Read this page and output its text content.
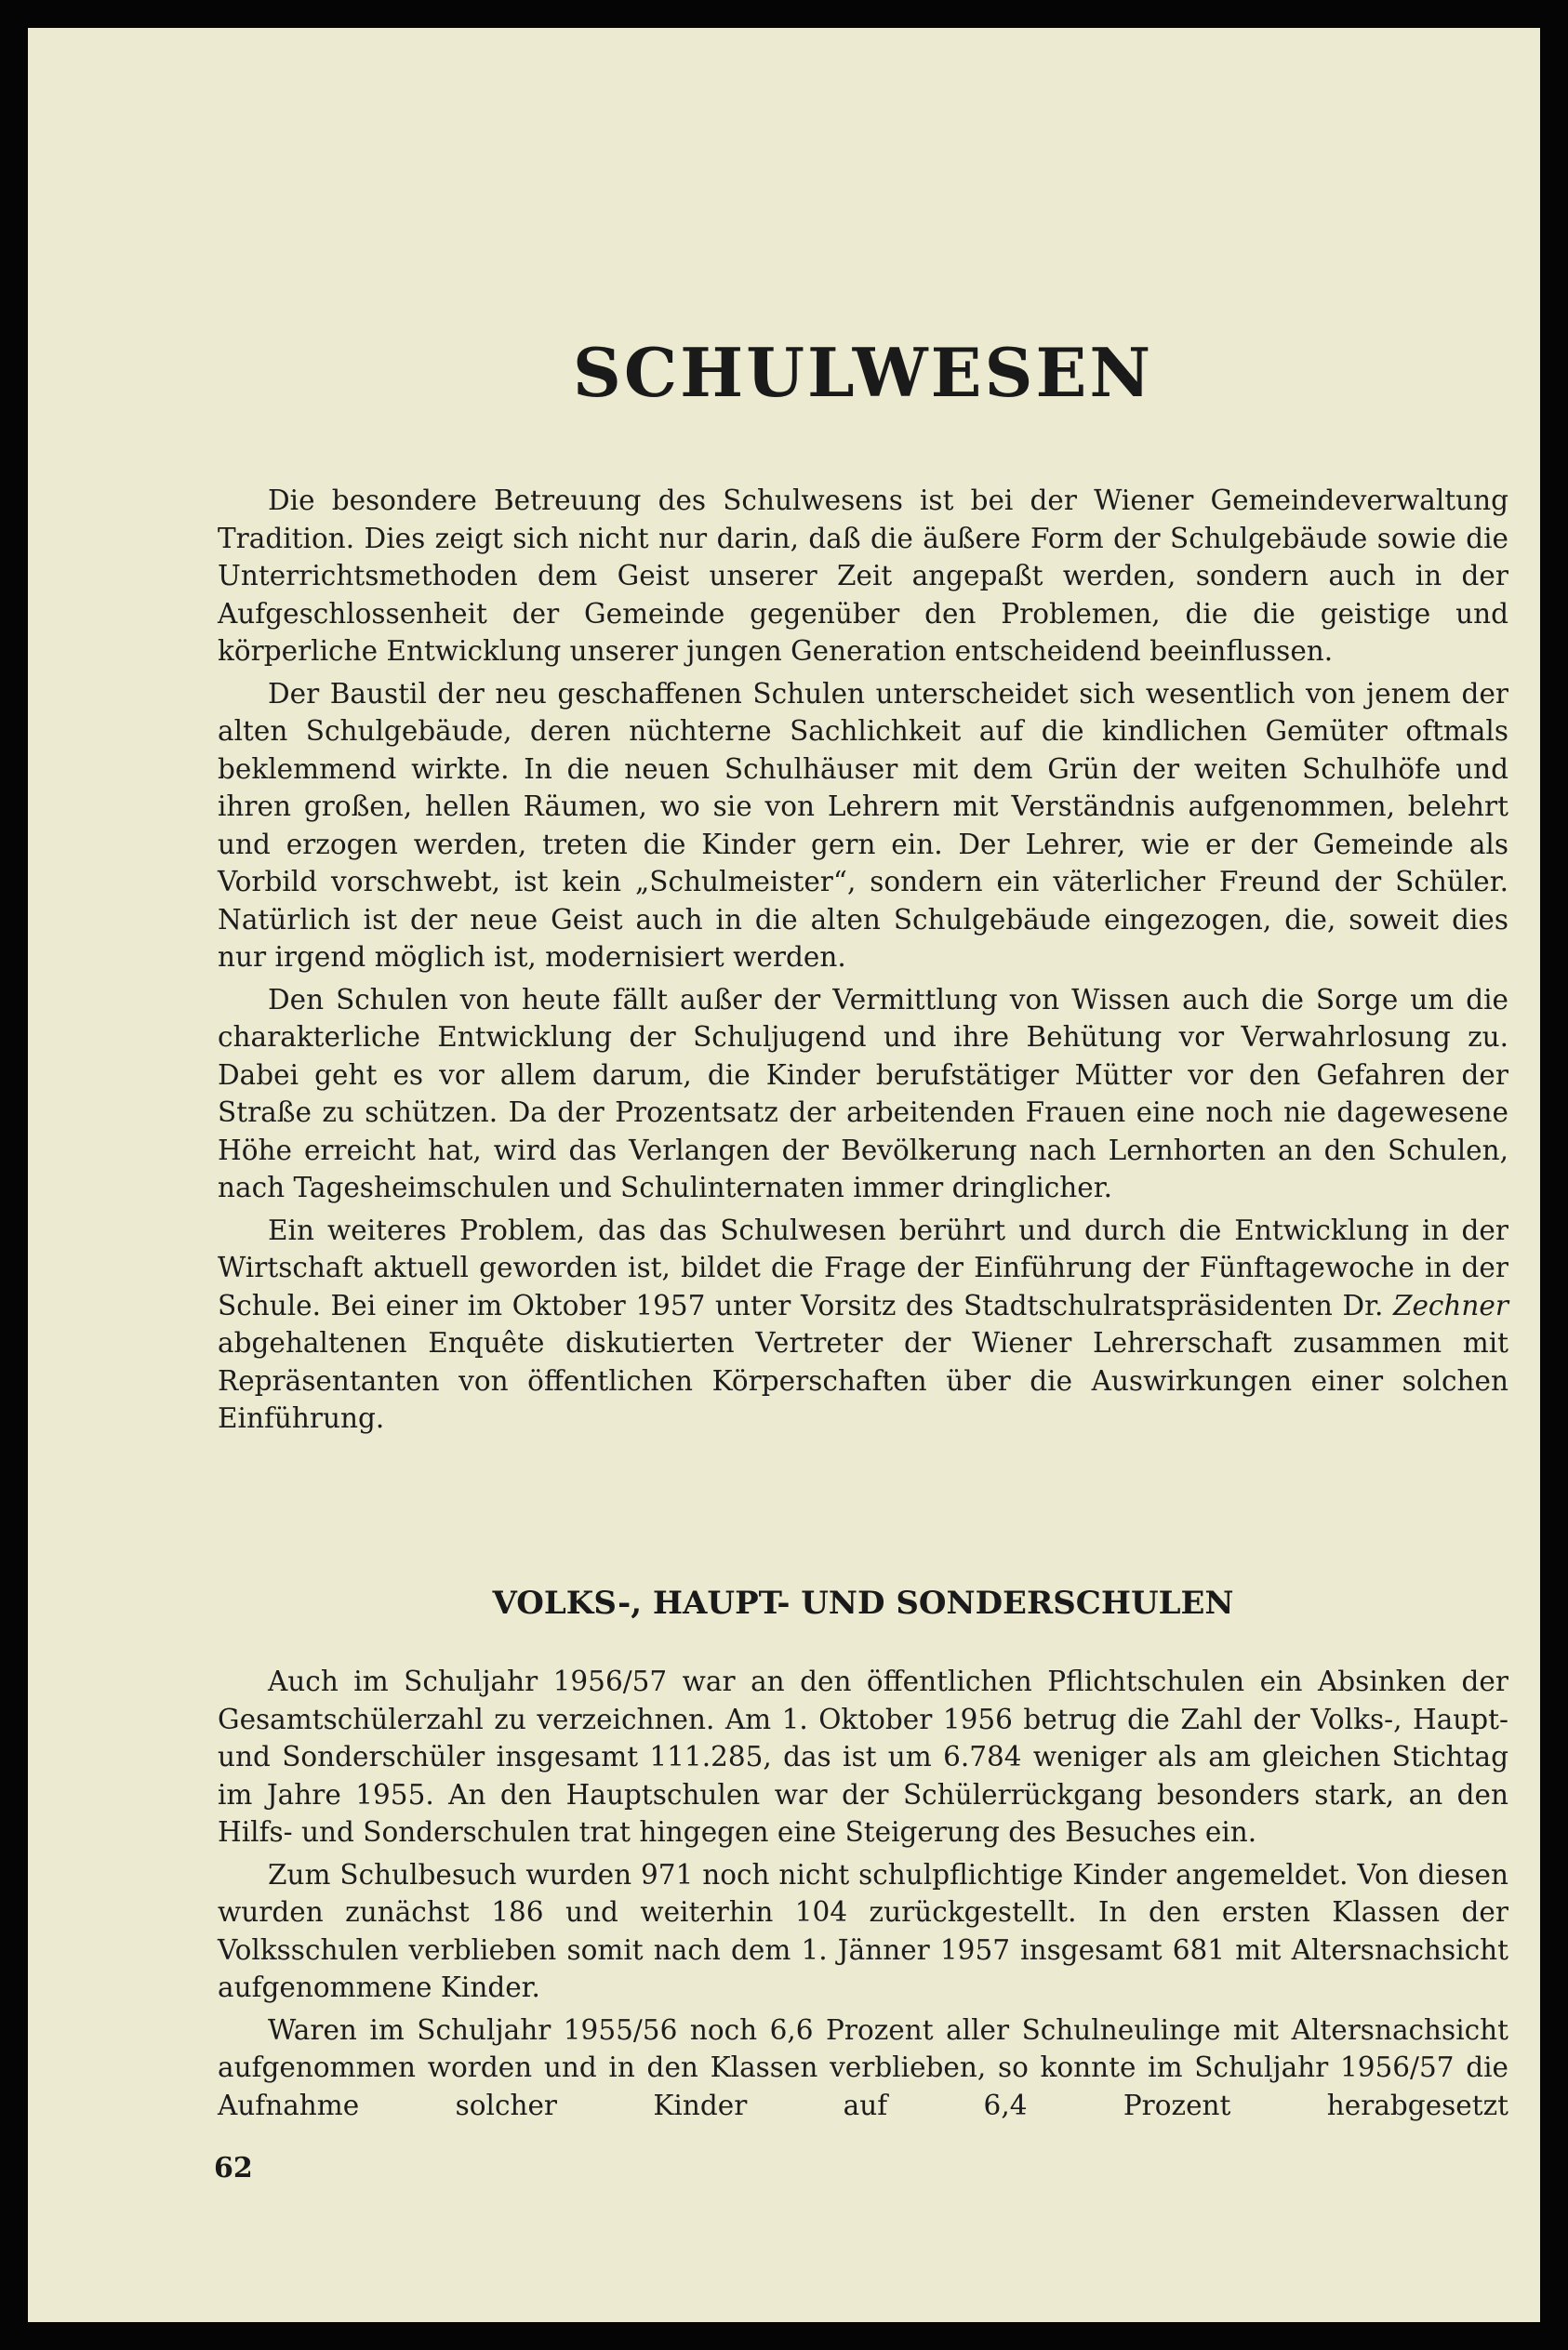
SCHULWESEN

Die besondere Betreuung des Schulwesens ist bei der Wiener Gemeindeverwaltung Tradition. Dies zeigt sich nicht nur darin, daß die äußere Form der Schulgebäude sowie die Unterrichtsmethoden dem Geist unserer Zeit angepaßt werden, sondern auch in der Aufgeschlossenheit der Gemeinde gegenüber den Problemen, die die geistige und körperliche Entwicklung unserer jungen Generation entscheidend beeinflussen.

Der Baustil der neu geschaffenen Schulen unterscheidet sich wesentlich von jenem der alten Schulgebäude, deren nüchterne Sachlichkeit auf die kindlichen Gemüter oftmals beklemmend wirkte. In die neuen Schulhäuser mit dem Grün der weiten Schulhöfe und ihren großen, hellen Räumen, wo sie von Lehrern mit Verständnis aufgenommen, belehrt und erzogen werden, treten die Kinder gern ein. Der Lehrer, wie er der Gemeinde als Vorbild vorschwebt, ist kein „Schulmeister“, sondern ein väterlicher Freund der Schüler. Natürlich ist der neue Geist auch in die alten Schulgebäude eingezogen, die, soweit dies nur irgend möglich ist, modernisiert werden.

Den Schulen von heute fällt außer der Vermittlung von Wissen auch die Sorge um die charakterliche Entwicklung der Schuljugend und ihre Behütung vor Verwahrlosung zu. Dabei geht es vor allem darum, die Kinder berufstätiger Mütter vor den Gefahren der Straße zu schützen. Da der Prozentsatz der arbeitenden Frauen eine noch nie dagewesene Höhe erreicht hat, wird das Verlangen der Bevölkerung nach Lernhorten an den Schulen, nach Tagesheimschulen und Schulinternaten immer dringlicher.

Ein weiteres Problem, das das Schulwesen berührt und durch die Entwicklung in der Wirtschaft aktuell geworden ist, bildet die Frage der Einführung der Fünftagewoche in der Schule. Bei einer im Oktober 1957 unter Vorsitz des Stadtschulratspräsidenten Dr. Zechner abgehaltenen Enquête diskutierten Vertreter der Wiener Lehrerschaft zusammen mit Repräsentanten von öffentlichen Körperschaften über die Auswirkungen einer solchen Einführung.

VOLKS-, HAUPT- UND SONDERSCHULEN

Auch im Schuljahr 1956/57 war an den öffentlichen Pflichtschulen ein Absinken der Gesamtschülerzahl zu verzeichnen. Am 1. Oktober 1956 betrug die Zahl der Volks-, Haupt- und Sonderschüler insgesamt 111.285, das ist um 6.784 weniger als am gleichen Stichtag im Jahre 1955. An den Hauptschulen war der Schülerrückgang besonders stark, an den Hilfs- und Sonderschulen trat hingegen eine Steigerung des Besuches ein.

Zum Schulbesuch wurden 971 noch nicht schulpflichtige Kinder angemeldet. Von diesen wurden zunächst 186 und weiterhin 104 zurückgestellt. In den ersten Klassen der Volksschulen verblieben somit nach dem 1. Jänner 1957 insgesamt 681 mit Altersnachsicht aufgenommene Kinder.

Waren im Schuljahr 1955/56 noch 6,6 Prozent aller Schulneulinge mit Altersnachsicht aufgenommen worden und in den Klassen verblieben, so konnte im Schuljahr 1956/57 die Aufnahme solcher Kinder auf 6,4 Prozent herabgesetzt

62
